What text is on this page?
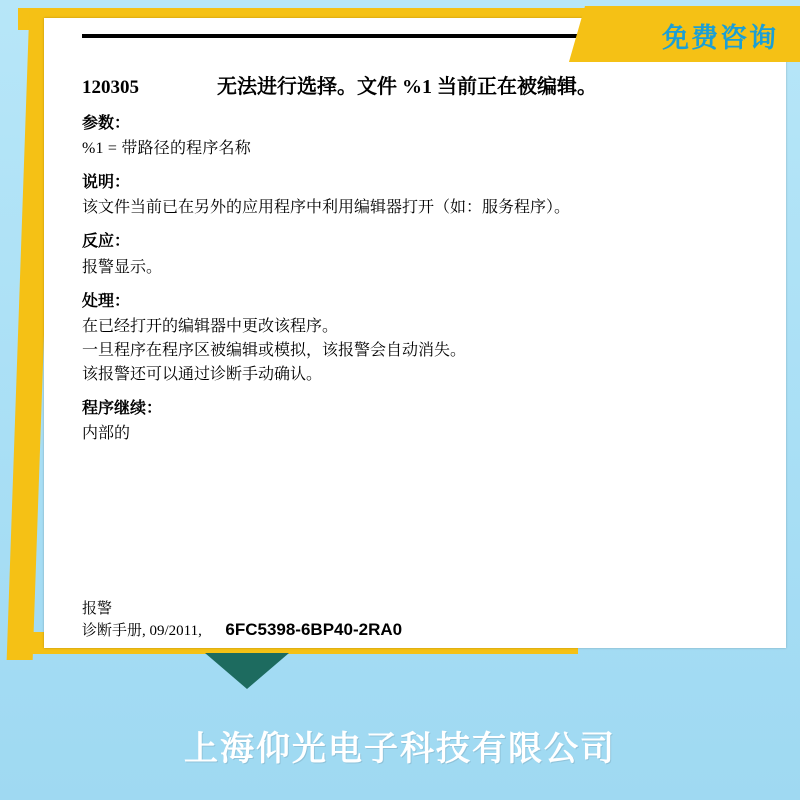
120305	无法进行选择。文件 %1 当前正在被编辑。

参数：

%1 = 带路径的程序名称

说明：

该文件当前已在另外的应用程序中利用编辑器打开（如：服务程序）。

反应：

报警显示。

处理：

在已经打开的编辑器中更改该程序。

一旦程序在程序区被编辑或模拟，该报警会自动消失。

该报警还可以通过诊断手动确认。

程序继续：

内部的

报警
诊断手册, 09/2011, 6FC5398-6BP40-2RA0
免费咨询
上海仰光电子科技有限公司
